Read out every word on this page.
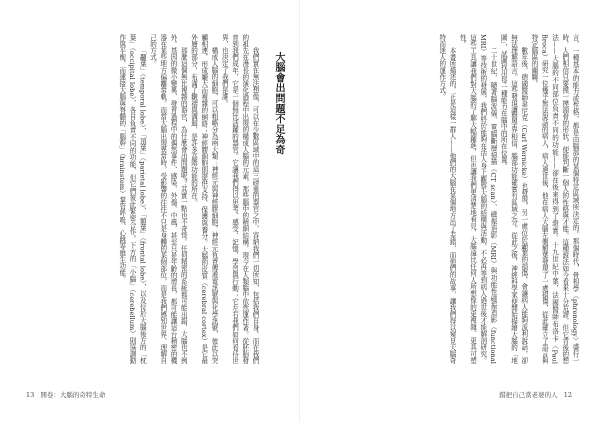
大腦會出問題不足為奇

我們實在無法想像，可以在少數區域中的這三磅重的器官之中，容納我們一切所知，包括我們自身。而在我們的祖先在漫長的演化過程中出現的構成人腦的元素，那些腦中的精細結構，現今在人類腦中依然運作著。從胚胎發育到我們成年，它是一個無比活躍的器官。它讓我們得以思考、感受、記憶、學習與行動；它左右我們如何看待世界，也決定了我們是誰。

構成人腦的細胞，可以粗略分為兩大類：神經元與神經膠細胞。神經元負責傳遞電訊號與化學訊號，彼此以突觸相連，形成龐大而複雜的網絡；神經膠細胞則提供支持、保護與養分。大腦的皮質（cerebral cortex）是它最外層的部分，布滿了皺褶與溝迴，是許多高階功能的所在。

那麼這個無比複雜的器官，為什麼會出問題呢？其實一點也不奇怪。任何精密的系統都可能出錯，大腦也不例外。基因的微小變異、發育過程中的偶然事件、感染、外傷、中風，甚至只是年齡的增長，都可能讓這台精密的機器在某些地方偏離常軌。而當大腦出現異常時，受影響的往往不只是身體的某個部位，而是我們感知世界、理解自己的方式。

「顳葉」（temporal lobe）、「頂葉」（parietal lobe）、「額葉」（frontal lobe），以及位於大腦後方的「枕葉」（occipital lobe），各自負責不同的功能，但它們彼此緊密合作。下方的「小腦」（cerebellum）則協調動作與平衡，而連接大腦與脊髓的「腦幹」（brainstem）掌管呼吸、心跳等維生功能。	言，一種基本的能力或性格，都是由腦部的某個特定區域所決定的。那個時代，骨相學（phrenology）盛行一時，人們相信只要摸一摸頭骨的形狀，便能判斷一個人的性格與才能。這種說法如今看來十分荒謬，但它背後的想法——大腦的不同部位負責不同的功能——卻在後來得到了證實。十九世紀中葉，法國醫師布洛卡（Paul Broca）研究一位幾乎無法說話的病人，病人過世後，他在病人大腦左側額葉發現了一處損傷，從此確立了語言與特定腦區的關聯。

數年後，德國醫師韋尼克（Carl Wernicke）也發現，另一處位於顳葉的損傷，會讓病人能夠流利說話，卻無法理解語言。這些發現讓醫學界相信，腦部功能確實有區域之分。從此之後，神經科學家便開始描繪大腦的「地圖」，試圖找出每一種能力在腦中的所在位置。

二十世紀，隨著腦波儀、電腦斷層掃描（CT scan）、磁振造影（MRI）與功能性磁振造影（functional MRI）等技術的發展，我們終於能夠在活人身上觀察大腦的結構與活動，不必再等到病人過世後才能解剖研究。這些工具讓我們對大腦的了解大幅躍進，但也讓我們更清楚地看見，大腦遠比任何人所想像的更複雜、更具可塑性。

本書所描述的，正是這樣一群人——他們的大腦在某個地方出了差錯，而他們的故事，讓我們得以窺見大腦奇特而迷人的運作方式。

13 開卷：大腦的奇特生命	錯把自己當老婆的人 12
